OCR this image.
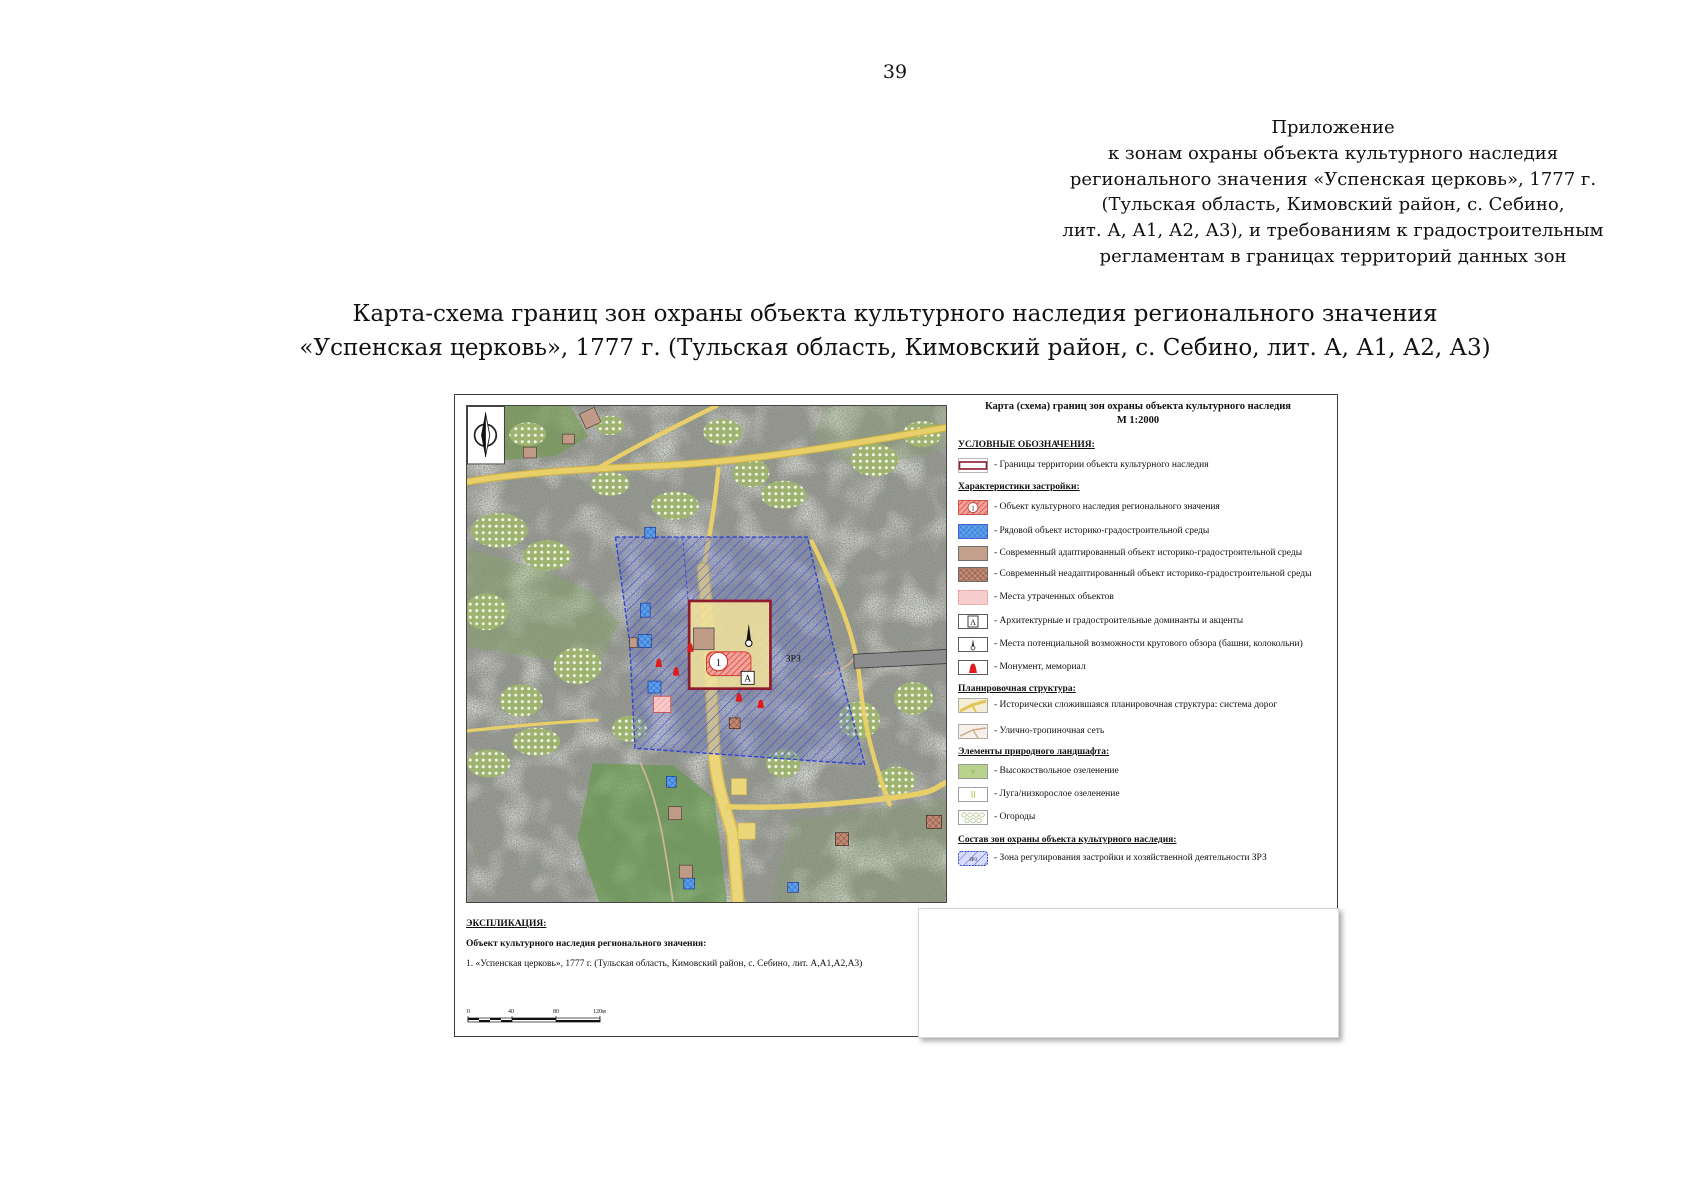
39
Приложение
к зонам охраны объекта культурного наследия
регионального значения «Успенская церковь», 1777 г.
(Тульская область, Кимовский район, с. Себино,
лит. А, А1, А2, А3), и требованиям к градостроительным
регламентам в границах территорий данных зон
Карта-схема границ зон охраны объекта культурного наследия регионального значения
«Успенская церковь», 1777 г. (Тульская область, Кимовский район, с. Себино, лит. А, А1, А2, А3)
ЗРЗ
1
А
Карта (схема) границ зон охраны объекта культурного наследия
М 1:2000
УСЛОВНЫЕ ОБОЗНАЧЕНИЯ:
- Границы территории объекта культурного наследия
Характеристики застройки:
1 - Объект культурного наследия регионального значения
- Рядовой объект историко-градостроительной среды
- Современный адаптированный объект историко-градостроительной среды
- Современный неадаптированный объект историко-градостроительной среды
- Места утраченных объектов
А - Архитектурные и градостроительные доминанты и акценты
- Места потенциальной возможности кругового обзора (башни, колокольни)
- Монумент, мемориал
Планировочная структура:
- Исторически сложившаяся планировочная структура: система дорог
- Улично-тропиночная сеть
Элементы природного ландшафта:
- Высокоствольное озеленение
- Луга/низкорослое озеленение
- Огороды
Состав зон охраны объекта культурного наследия:
ЗРЗ - Зона регулирования застройки и хозяйственной деятельности ЗРЗ
ЭКСПЛИКАЦИЯ:
Объект культурного наследия регионального значения:
1. «Успенская церковь», 1777 г. (Тульская область, Кимовский район, с. Себино, лит. А,А1,А2,А3)
0	40	80	120м
